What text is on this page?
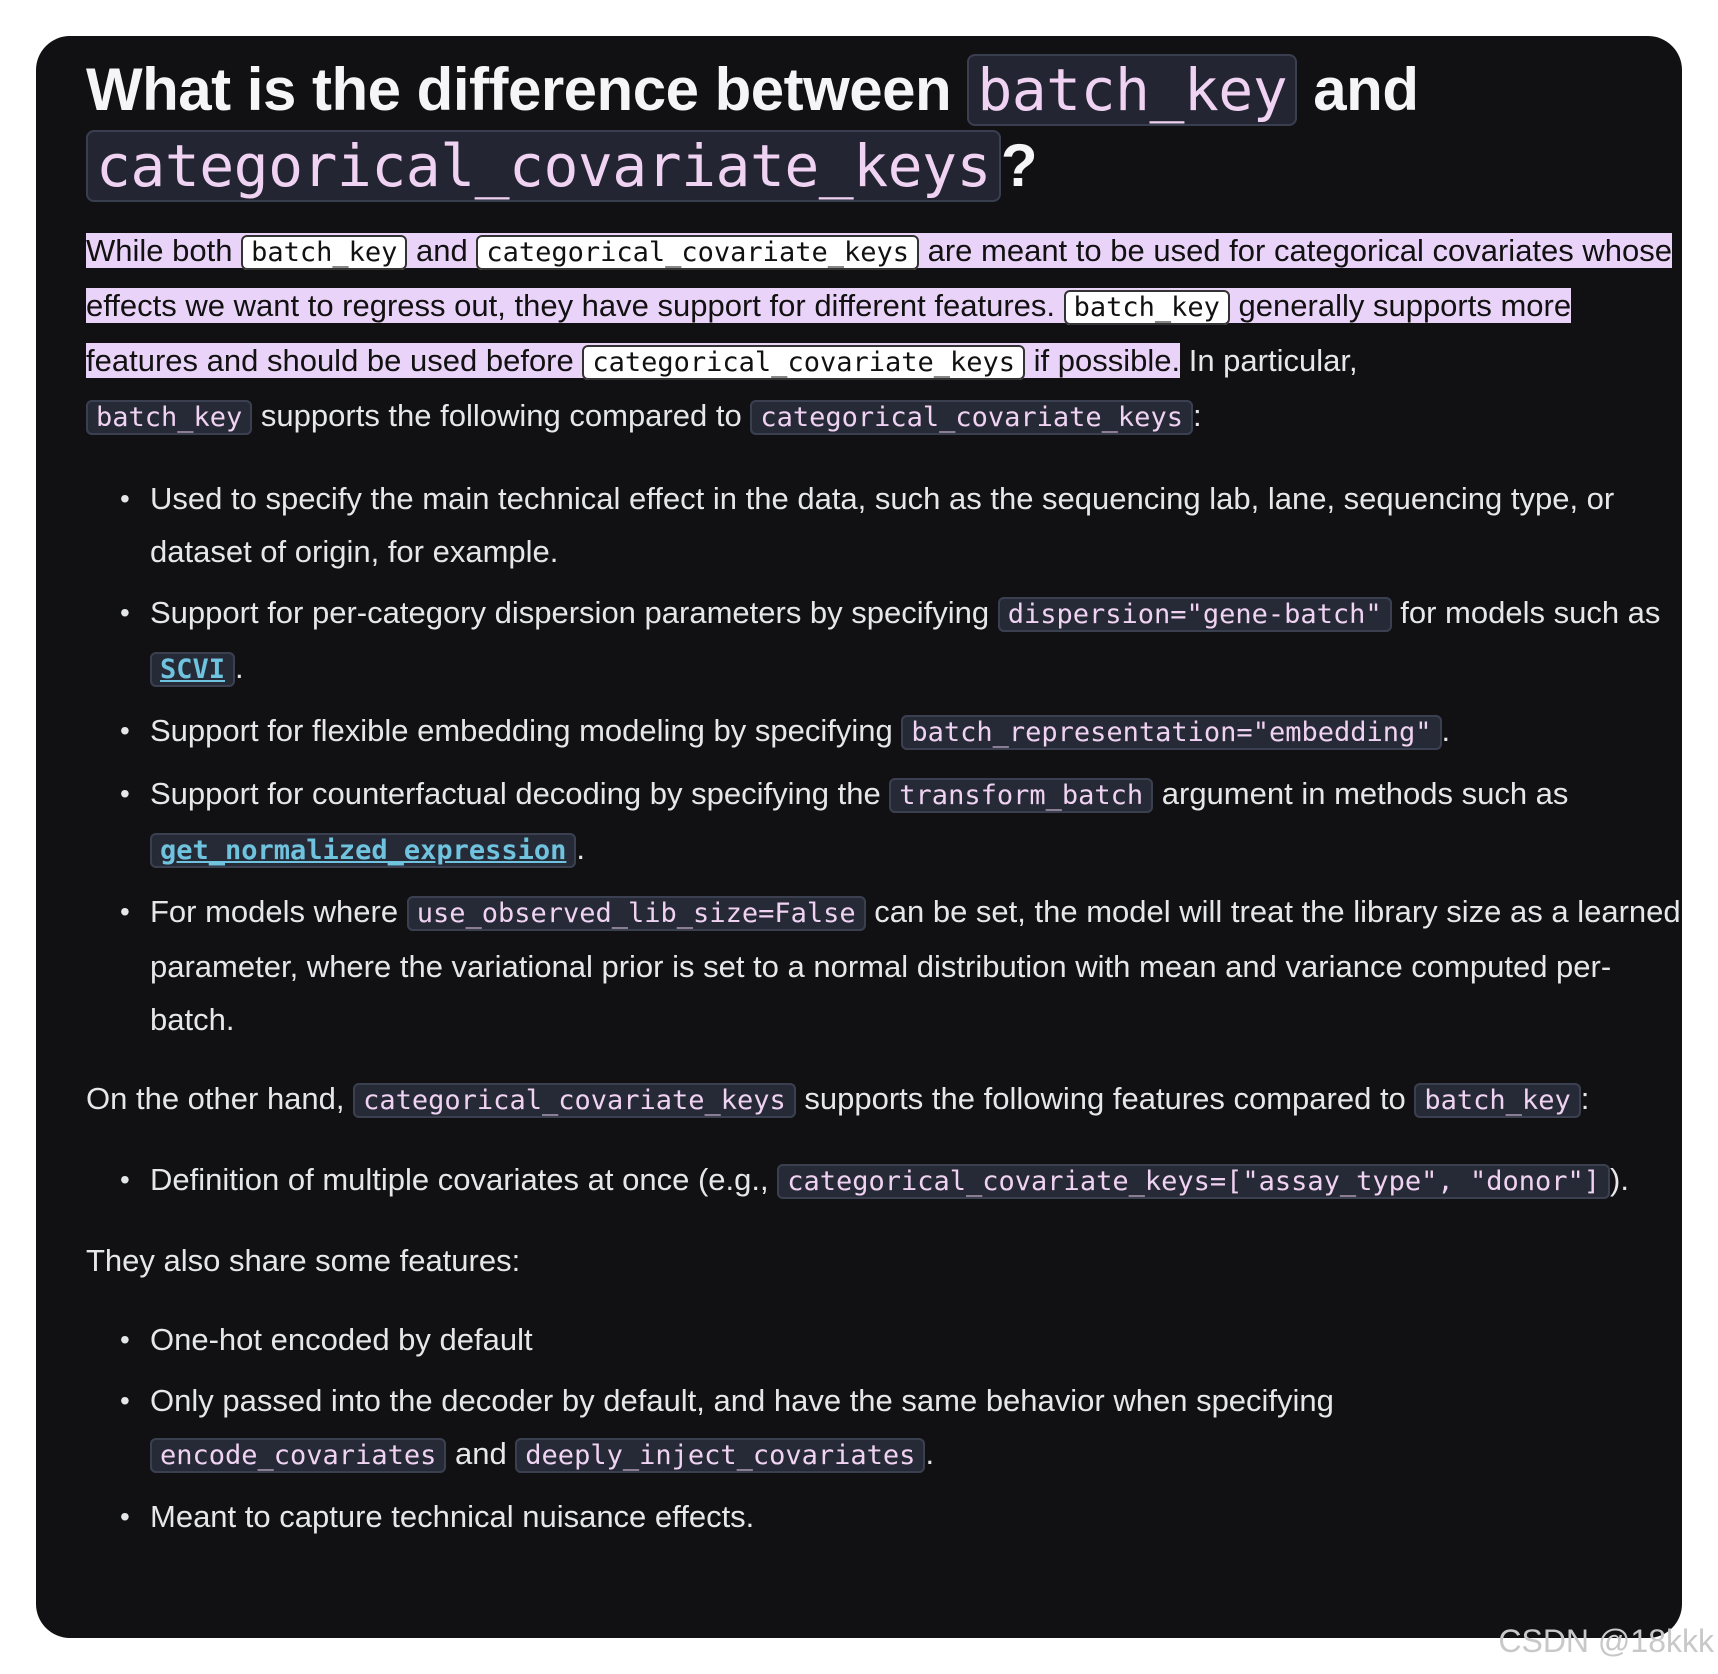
What is the difference between batch_key and
categorical_covariate_keys ?

While both batch_key and categorical_covariate_keys are meant to be used for categorical covariates whose effects we want to regress out, they have support for different features. batch_key generally supports more features and should be used before categorical_covariate_keys if possible. In particular,
batch_key supports the following compared to categorical_covariate_keys :

• Used to specify the main technical effect in the data, such as the sequencing lab, lane, sequencing type, or dataset of origin, for example.
• Support for per-category dispersion parameters by specifying dispersion="gene-batch" for models such as SCVI .
• Support for flexible embedding modeling by specifying batch_representation="embedding" .
• Support for counterfactual decoding by specifying the transform_batch argument in methods such as
get_normalized_expression .
• For models where use_observed_lib_size=False can be set, the model will treat the library size as a learned parameter, where the variational prior is set to a normal distribution with mean and variance computed per-batch.

On the other hand, categorical_covariate_keys supports the following features compared to batch_key :

• Definition of multiple covariates at once (e.g., categorical_covariate_keys=["assay_type", "donor"] ).

They also share some features:

• One-hot encoded by default
• Only passed into the decoder by default, and have the same behavior when specifying
encode_covariates and deeply_inject_covariates .
• Meant to capture technical nuisance effects.
CSDN @18kkk
